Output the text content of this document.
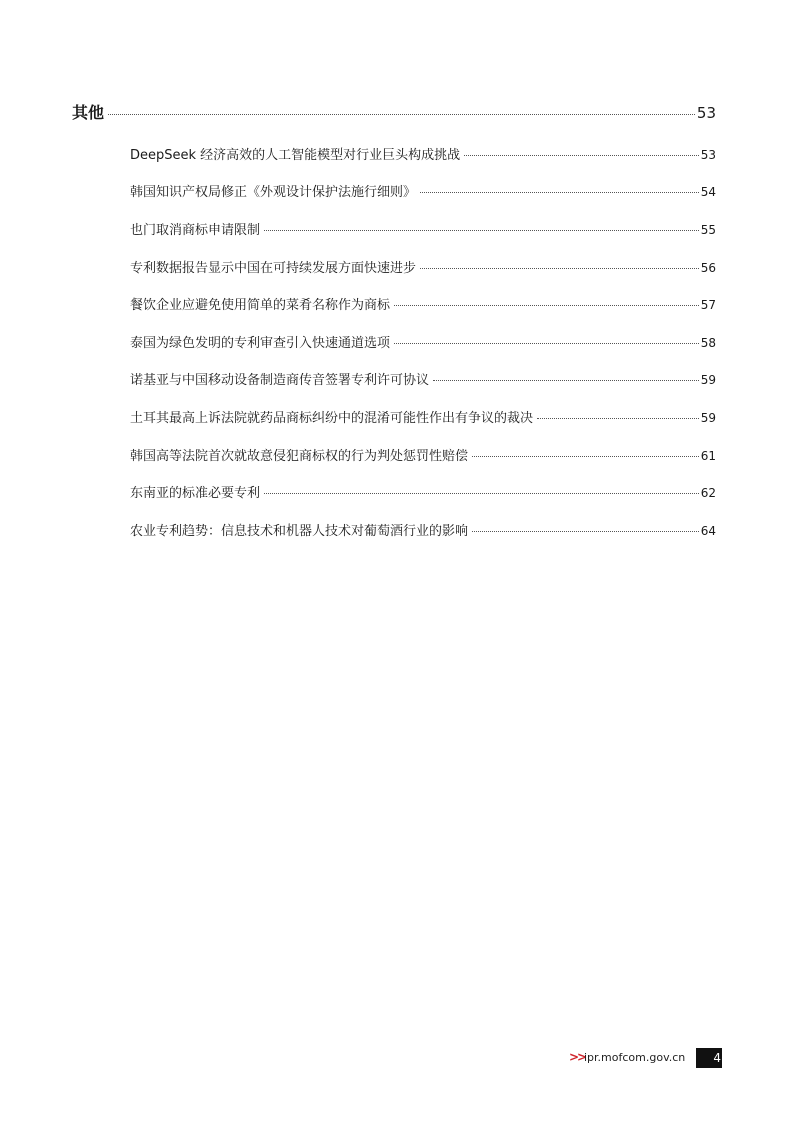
其他	53
DeepSeek 经济高效的人工智能模型对行业巨头构成挑战	53
韩国知识产权局修正《外观设计保护法施行细则》	54
也门取消商标申请限制	55
专利数据报告显示中国在可持续发展方面快速进步	56
餐饮企业应避免使用简单的菜肴名称作为商标	57
泰国为绿色发明的专利审查引入快速通道选项	58
诺基亚与中国移动设备制造商传音签署专利许可协议	59
土耳其最高上诉法院就药品商标纠纷中的混淆可能性作出有争议的裁决	59
韩国高等法院首次就故意侵犯商标权的行为判处惩罚性赔偿	61
东南亚的标准必要专利	62
农业专利趋势：信息技术和机器人技术对葡萄酒行业的影响	64
>>
ipr.mofcom.gov.cn	4
